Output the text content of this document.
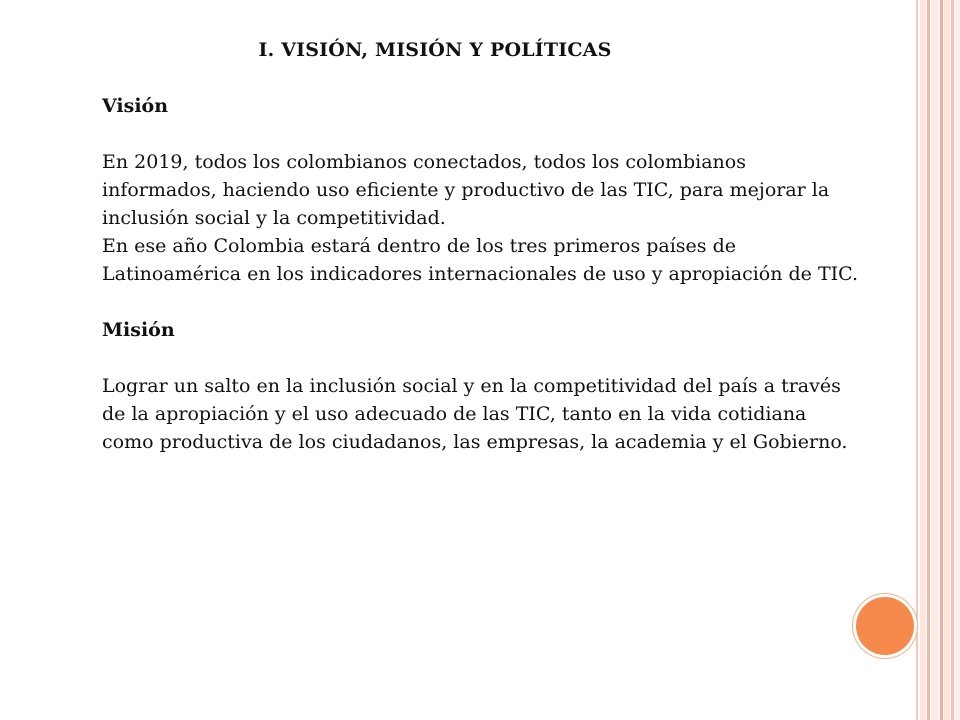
I. VISIÓN, MISIÓN Y POLÍTICAS
Visión

En 2019, todos los colombianos conectados, todos los colombianos informados, haciendo uso eficiente y productivo de las TIC, para mejorar la inclusión social y la competitividad.

En ese año Colombia estará dentro de los tres primeros países de Latinoamérica en los indicadores internacionales de uso y apropiación de TIC.

Misión

Lograr un salto en la inclusión social y en la competitividad del país a través de la apropiación y el uso adecuado de las TIC, tanto en la vida cotidiana como productiva de los ciudadanos, las empresas, la academia y el Gobierno.
